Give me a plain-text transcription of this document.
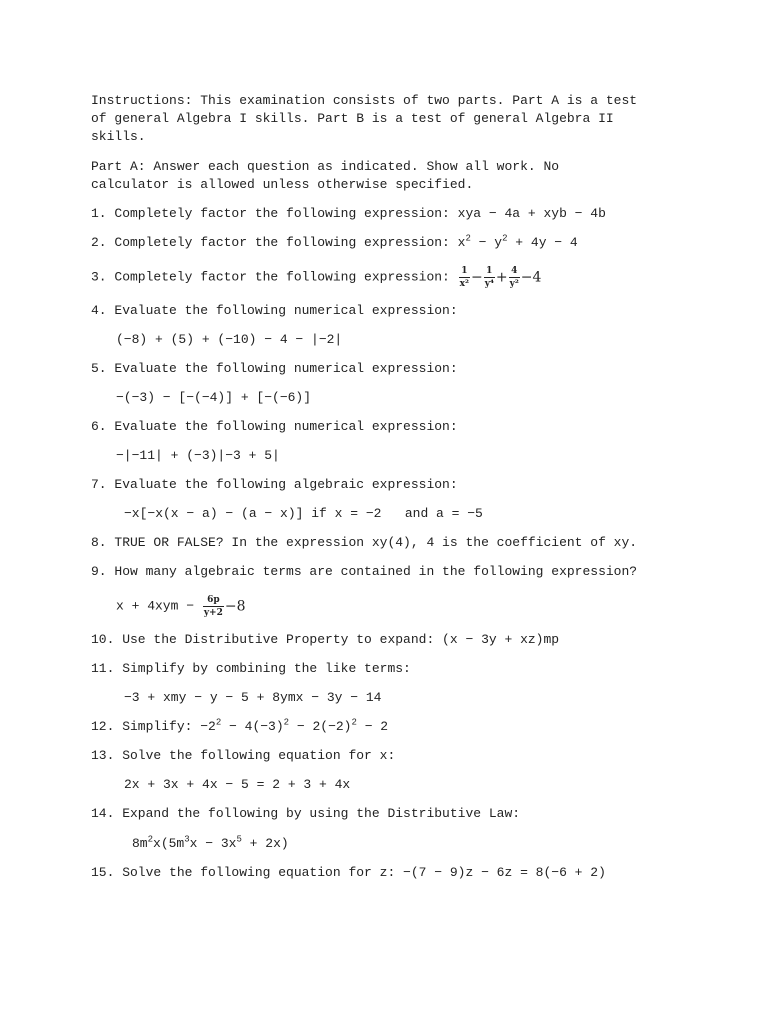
Instructions: This examination consists of two parts. Part A is a test
of general Algebra I skills. Part B is a test of general Algebra II
skills.
Part A: Answer each question as indicated. Show all work. No
calculator is allowed unless otherwise specified.
1. Completely factor the following expression: xya − 4a + xyb − 4b
2. Completely factor the following expression: $x^2 - y^2 + 4y - 4$
3. Completely factor the following expression: $\frac{1}{\text{x²}} - \frac{1}{\text{y⁴}} + \frac{4}{\text{y²}} -4$
4. Evaluate the following numerical expression:
(−8) + (5) + (−10) − 4 − |−2|
5. Evaluate the following numerical expression:
−(−3) − [−(−4)] + [−(−6)]
6. Evaluate the following numerical expression:
−|−11| + (−3)|−3 + 5|
7. Evaluate the following algebraic expression:
−x[−x(x − a) − (a − x)] if x = −2   and a = −5
8. TRUE OR FALSE? In the expression xy(4), 4 is the coefficient of xy.
9. How many algebraic terms are contained in the following expression?
$x + 4xym - \frac{6p}{y+2} -8$
10. Use the Distributive Property to expand: (x − 3y + xz)mp
11. Simplify by combining the like terms:
−3 + xmy − y − 5 + 8ymx − 3y − 14
12. Simplify: $-2^2 - 4(-3)^2 - 2(-2)^2 - 2$
13. Solve the following equation for x:
2x + 3x + 4x − 5 = 2 + 3 + 4x
14. Expand the following by using the Distributive Law:
$8m^2x(5m^3x - 3x^5 + 2x)$
15. Solve the following equation for z: −(7 − 9)z − 6z = 8(−6 + 2)
